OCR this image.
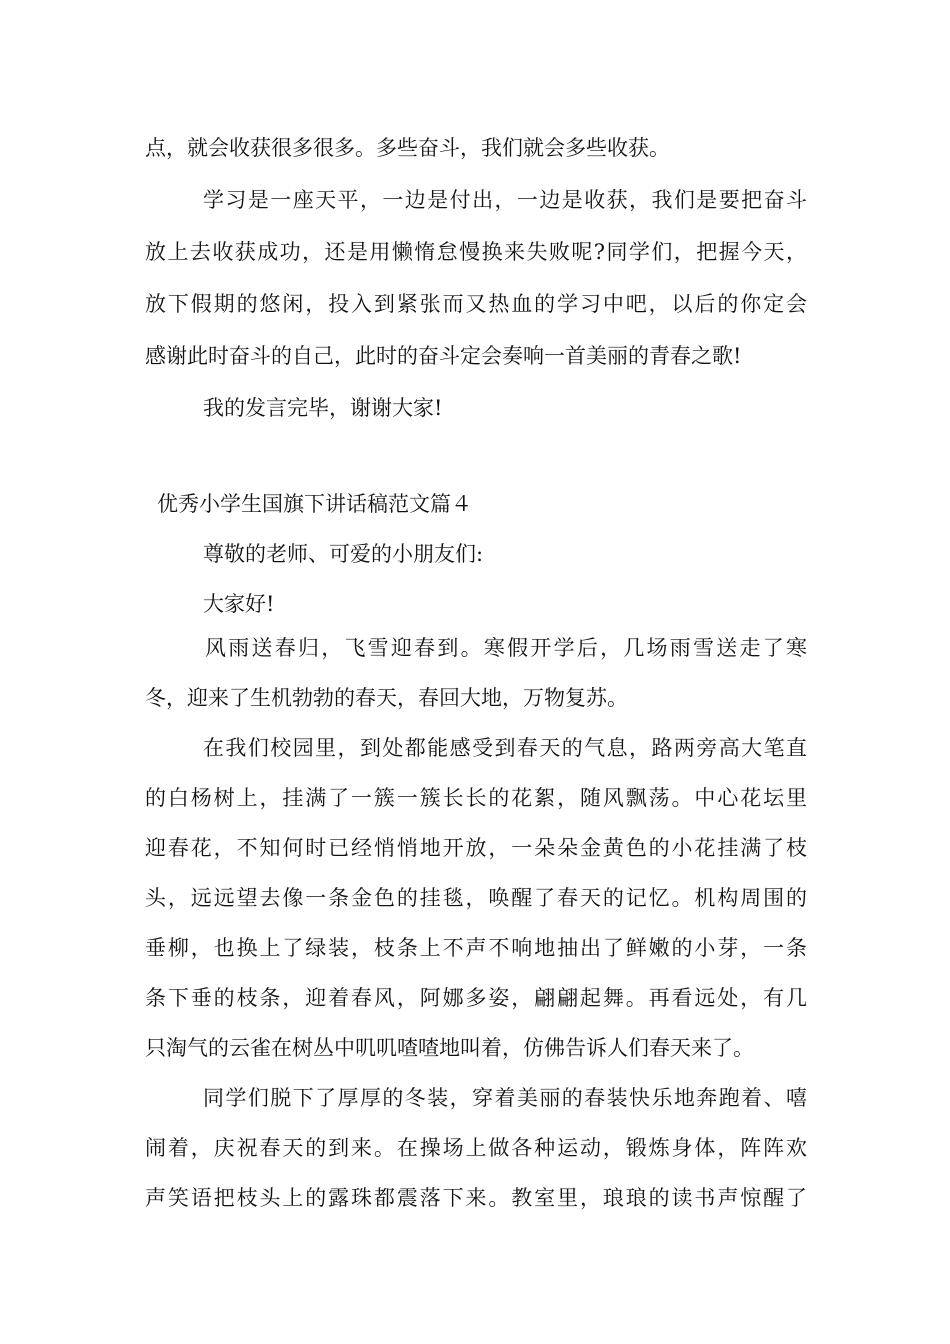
点，就会收获很多很多。多些奋斗，我们就会多些收获。
学习是一座天平，一边是付出，一边是收获，我们是要把奋斗
放上去收获成功，还是用懒惰怠慢换来失败呢?同学们，把握今天，
放下假期的悠闲，投入到紧张而又热血的学习中吧，以后的你定会
感谢此时奋斗的自己，此时的奋斗定会奏响一首美丽的青春之歌!
我的发言完毕，谢谢大家!
优秀小学生国旗下讲话稿范文篇４
尊敬的老师、可爱的小朋友们:
大家好!
风雨送春归，飞雪迎春到。寒假开学后，几场雨雪送走了寒
冬，迎来了生机勃勃的春天，春回大地，万物复苏。
在我们校园里，到处都能感受到春天的气息，路两旁高大笔直
的白杨树上，挂满了一簇一簇长长的花絮，随风飘荡。中心花坛里
迎春花，不知何时已经悄悄地开放，一朵朵金黄色的小花挂满了枝
头，远远望去像一条金色的挂毯，唤醒了春天的记忆。机构周围的
垂柳，也换上了绿装，枝条上不声不响地抽出了鲜嫩的小芽，一条
条下垂的枝条，迎着春风，阿娜多姿，翩翩起舞。再看远处，有几
只淘气的云雀在树丛中叽叽喳喳地叫着，仿佛告诉人们春天来了。
同学们脱下了厚厚的冬装，穿着美丽的春装快乐地奔跑着、嘻
闹着，庆祝春天的到来。在操场上做各种运动，锻炼身体，阵阵欢
声笑语把枝头上的露珠都震落下来。教室里，琅琅的读书声惊醒了
